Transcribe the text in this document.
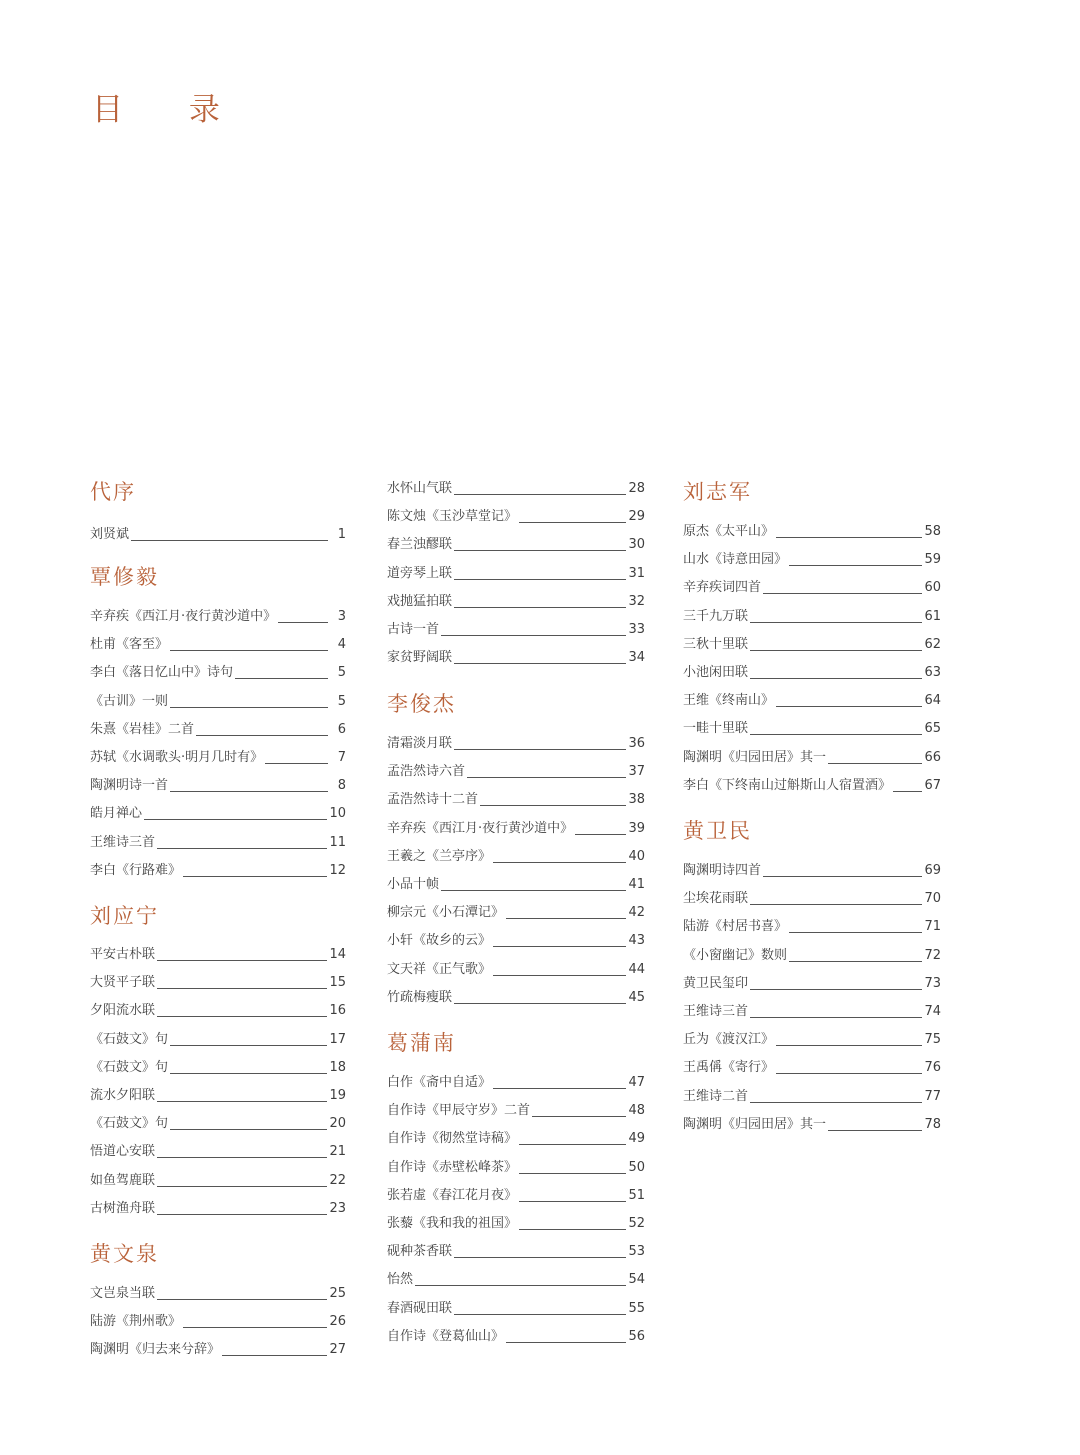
目 录
代序
刘贤斌	1
覃修毅
辛弃疾《西江月·夜行黄沙道中》	3
杜甫《客至》	4
李白《落日忆山中》诗句	5
《古训》一则	5
朱熹《岩桂》二首	6
苏轼《水调歌头·明月几时有》	7
陶渊明诗一首	8
皓月禅心	10
王维诗三首	11
李白《行路难》	12
刘应宁
平安古朴联	14
大贤平子联	15
夕阳流水联	16
《石鼓文》句	17
《石鼓文》句	18
流水夕阳联	19
《石鼓文》句	20
悟道心安联	21
如鱼驾鹿联	22
古树渔舟联	23
黄文泉
文岂泉当联	25
陆游《荆州歌》	26
陶渊明《归去来兮辞》	27
水怀山气联	28
陈文烛《玉沙草堂记》	29
春兰浊醪联	30
道旁琴上联	31
戏抛猛拍联	32
古诗一首	33
家贫野阔联	34
李俊杰
清霜淡月联	36
孟浩然诗六首	37
孟浩然诗十二首	38
辛弃疾《西江月·夜行黄沙道中》	39
王羲之《兰亭序》	40
小品十帧	41
柳宗元《小石潭记》	42
小轩《故乡的云》	43
文天祥《正气歌》	44
竹疏梅瘦联	45
葛蒲南
白作《斋中自适》	47
自作诗《甲辰守岁》二首	48
自作诗《彻然堂诗稿》	49
自作诗《赤壁松峰茶》	50
张若虚《春江花月夜》	51
张藜《我和我的祖国》	52
砚种茶香联	53
怡然	54
春酒砚田联	55
自作诗《登葛仙山》	56
刘志军
原杰《太平山》	58
山水《诗意田园》	59
辛弃疾词四首	60
三千九万联	61
三秋十里联	62
小池闲田联	63
王维《终南山》	64
一畦十里联	65
陶渊明《归园田居》其一	66
李白《下终南山过斛斯山人宿置酒》	67
黄卫民
陶渊明诗四首	69
尘埃花雨联	70
陆游《村居书喜》	71
《小窗幽记》数则	72
黄卫民玺印	73
王维诗三首	74
丘为《渡汉江》	75
王禹偁《寄行》	76
王维诗二首	77
陶渊明《归园田居》其一	78
